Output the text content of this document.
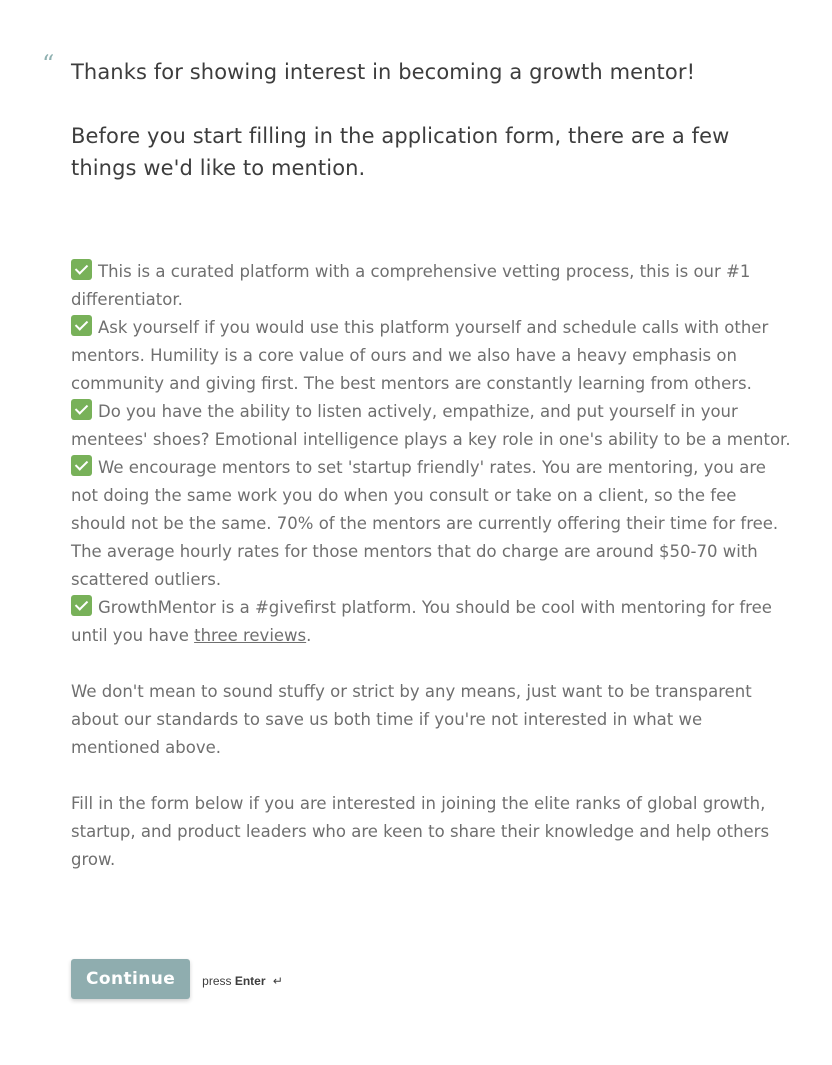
“ Thanks for showing interest in becoming a growth mentor!

Before you start filling in the application form, there are a few things we'd like to mention.

This is a curated platform with a comprehensive vetting process, this is our #1 differentiator.
Ask yourself if you would use this platform yourself and schedule calls with other mentors. Humility is a core value of ours and we also have a heavy emphasis on community and giving first. The best mentors are constantly learning from others.
Do you have the ability to listen actively, empathize, and put yourself in your mentees' shoes? Emotional intelligence plays a key role in one's ability to be a mentor.
We encourage mentors to set 'startup friendly' rates. You are mentoring, you are not doing the same work you do when you consult or take on a client, so the fee should not be the same. 70% of the mentors are currently offering their time for free. The average hourly rates for those mentors that do charge are around $50-70 with scattered outliers.
GrowthMentor is a #givefirst platform. You should be cool with mentoring for free until you have three reviews.
We don't mean to sound stuffy or strict by any means, just want to be transparent about our standards to save us both time if you're not interested in what we mentioned above.
Fill in the form below if you are interested in joining the elite ranks of global growth, startup, and product leaders who are keen to share their knowledge and help others grow.
Continue	press Enter ↵
